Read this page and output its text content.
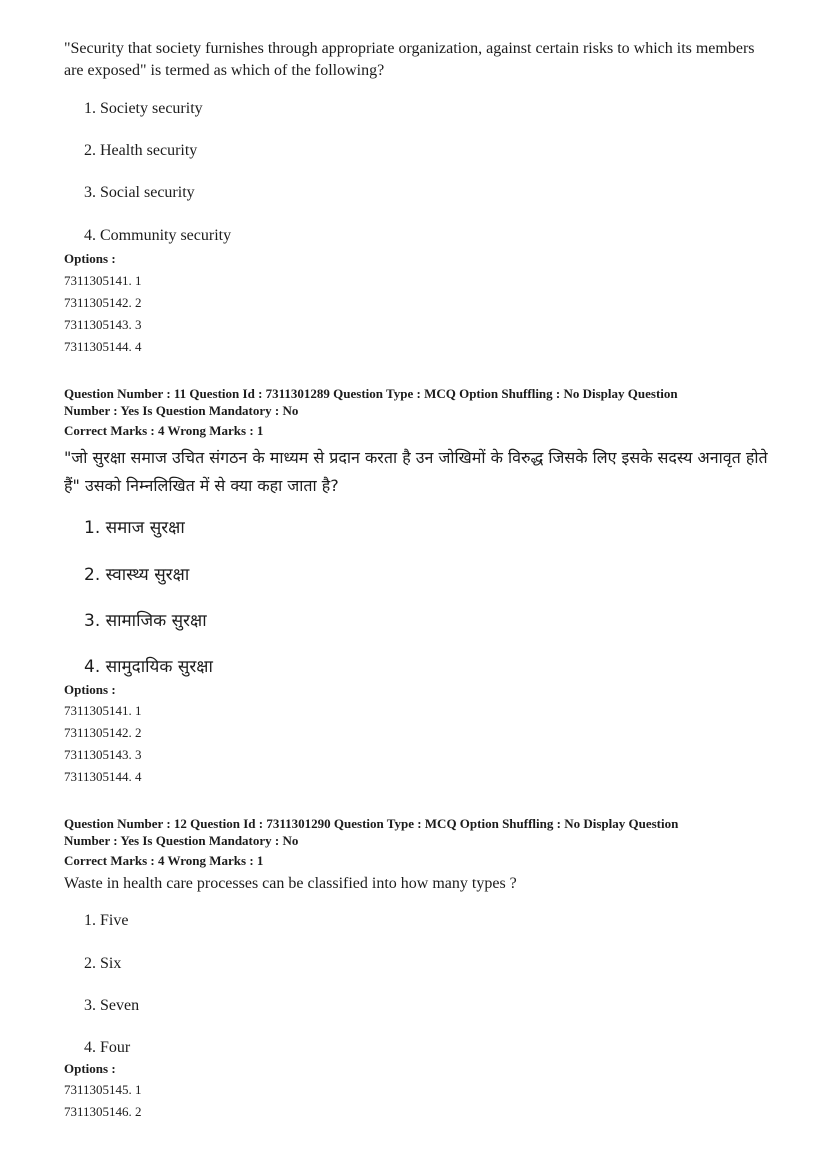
"Security that society furnishes through appropriate organization, against certain risks to which its members are exposed" is termed as which of the following?

1. Society security
2. Health security
3. Social security
4. Community security
Options :
7311305141. 1
7311305142. 2
7311305143. 3
7311305144. 4
Question Number : 11 Question Id : 7311301289 Question Type : MCQ Option Shuffling : No Display Question
Number : Yes Is Question Mandatory : No
Correct Marks : 4 Wrong Marks : 1

"जो सुरक्षा समाज उचित संगठन के माध्यम से प्रदान करता है उन जोखिमों के विरुद्ध जिसके लिए इसके सदस्य अनावृत होते हैं" उसको निम्नलिखित में से क्या कहा जाता है?

1. समाज सुरक्षा
2. स्वास्थ्य सुरक्षा
3. सामाजिक सुरक्षा
4. सामुदायिक सुरक्षा
Options :
7311305141. 1
7311305142. 2
7311305143. 3
7311305144. 4
Question Number : 12 Question Id : 7311301290 Question Type : MCQ Option Shuffling : No Display Question
Number : Yes Is Question Mandatory : No
Correct Marks : 4 Wrong Marks : 1

Waste in health care processes can be classified into how many types ?

1. Five
2. Six
3. Seven
4. Four
Options :
7311305145. 1
7311305146. 2
